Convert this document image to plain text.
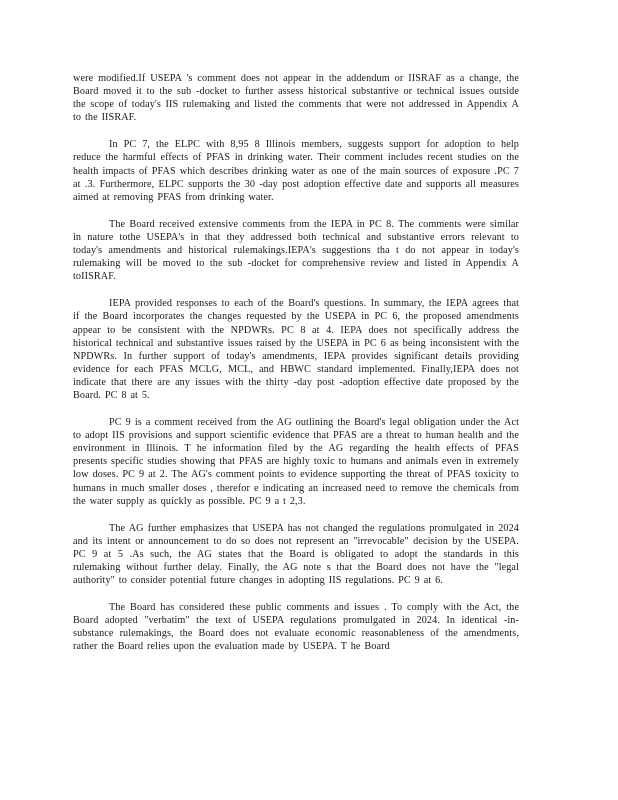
were modified.If USEPA 's comment does not appear in the addendum or IISRAF as a change, the Board moved it to the sub -docket to further assess historical substantive or technical issues outside the scope of today's IIS rulemaking and listed the comments that were not addressed in Appendix A to the IISRAF.

In PC 7, the ELPC with 8,95 8 Illinois members, suggests support for adoption to help reduce the harmful effects of PFAS in drinking water. Their comment includes recent studies on the health impacts of PFAS which describes drinking water as one of the main sources of exposure .PC 7 at .3. Furthermore, ELPC supports the 30 -day post adoption effective date and supports all measures aimed at removing PFAS from drinking water.

The Board received extensive comments from the IEPA in PC 8. The comments were similar in nature tothe USEPA's in that they addressed both technical and substantive errors relevant to today's amendments and historical rulemakings.IEPA's suggestions tha t do not appear in today's rulemaking will be moved to the sub -docket for comprehensive review and listed in Appendix A toIISRAF.

IEPA provided responses to each of the Board's questions. In summary, the IEPA agrees that if the Board incorporates the changes requested by the USEPA in PC 6, the proposed amendments appear to be consistent with the NPDWRs. PC 8 at 4. IEPA does not specifically address the historical technical and substantive issues raised by the USEPA in PC 6 as being inconsistent with the NPDWRs. In further support of today's amendments, IEPA provides significant details providing evidence for each PFAS MCLG, MCL, and HBWC standard implemented. Finally,IEPA does not indicate that there are any issues with the thirty -day post -adoption effective date proposed by the Board. PC 8 at 5.

PC 9 is a comment received from the AG outlining the Board's legal obligation under the Act to adopt IIS provisions and support scientific evidence that PFAS are a threat to human health and the environment in Illinois. T he information filed by the AG regarding the health effects of PFAS presents specific studies showing that PFAS are highly toxic to humans and animals even in extremely low doses. PC 9 at 2. The AG's comment points to evidence supporting the threat of PFAS toxicity to humans in much smaller doses , therefor e indicating an increased need to remove the chemicals from the water supply as quickly as possible. PC 9 a t 2,3.

The AG further emphasizes that USEPA has not changed the regulations promulgated in 2024 and its intent or announcement to do so does not represent an "irrevocable" decision by the USEPA. PC 9 at 5 .As such, the AG states that the Board is obligated to adopt the standards in this rulemaking without further delay. Finally, the AG note s that the Board does not have the "legal authority" to consider potential future changes in adopting IIS regulations. PC 9 at 6.

The Board has considered these public comments and issues . To comply with the Act, the Board adopted "verbatim" the text of USEPA regulations promulgated in 2024. In identical -in-substance rulemakings, the Board does not evaluate economic reasonableness of the amendments, rather the Board relies upon the evaluation made by USEPA. T he Board
